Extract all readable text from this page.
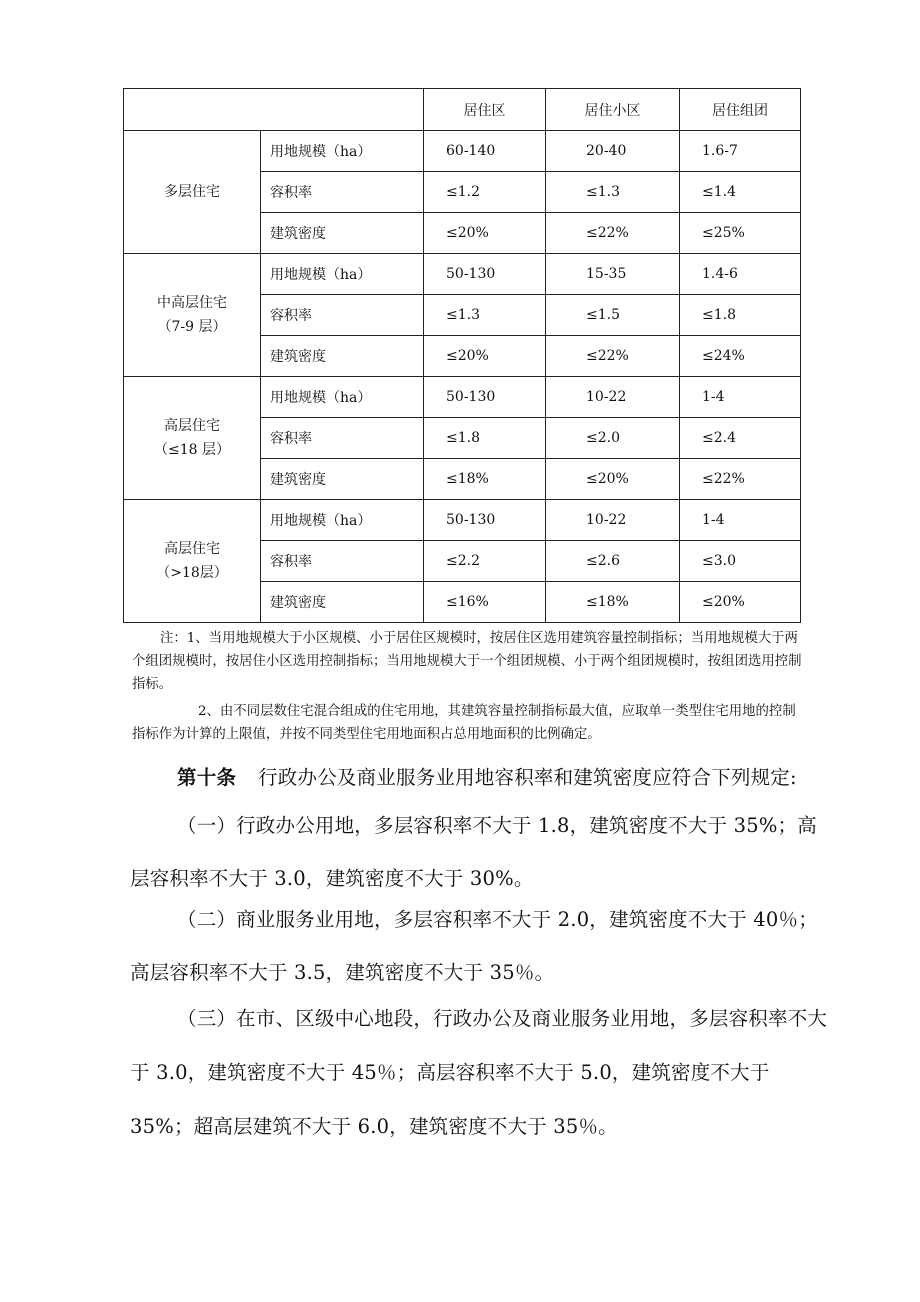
		居住区	居住小区	居住组团

多层住宅	用地规模（ha）	60-140	20-40	1.6-7
	容积率	≤1.2	≤1.3	≤1.4
	建筑密度	≤20%	≤22%	≤25%

中高层住宅
（7-9 层）	用地规模（ha）	50-130	15-35	1.4-6
	容积率	≤1.3	≤1.5	≤1.8
	建筑密度	≤20%	≤22%	≤24%

高层住宅
（≤18 层）	用地规模（ha）	50-130	10-22	1-4
	容积率	≤1.8	≤2.0	≤2.4
	建筑密度	≤18%	≤20%	≤22%

高层住宅
（>18层）	用地规模（ha）	50-130	10-22	1-4
	容积率	≤2.2	≤2.6	≤3.0
	建筑密度	≤16%	≤18%	≤20%

注：1、当用地规模大于小区规模、小于居住区规模时，按居住区选用建筑容量控制指标；当用地规模大于两个组团规模时，按居住小区选用控制指标；当用地规模大于一个组团规模、小于两个组团规模时，按组团选用控制指标。

2、由不同层数住宅混合组成的住宅用地，其建筑容量控制指标最大值，应取单一类型住宅用地的控制指标作为计算的上限值，并按不同类型住宅用地面积占总用地面积的比例确定。

第十条 行政办公及商业服务业用地容积率和建筑密度应符合下列规定:

（一）行政办公用地，多层容积率不大于 1.8，建筑密度不大于 35%；高层容积率不大于 3.0，建筑密度不大于 30%。

（二）商业服务业用地，多层容积率不大于 2.0，建筑密度不大于 40％；高层容积率不大于 3.5，建筑密度不大于 35％。

（三）在市、区级中心地段，行政办公及商业服务业用地，多层容积率不大于 3.0，建筑密度不大于 45％；高层容积率不大于 5.0，建筑密度不大于 35%；超高层建筑不大于 6.0，建筑密度不大于 35％。
